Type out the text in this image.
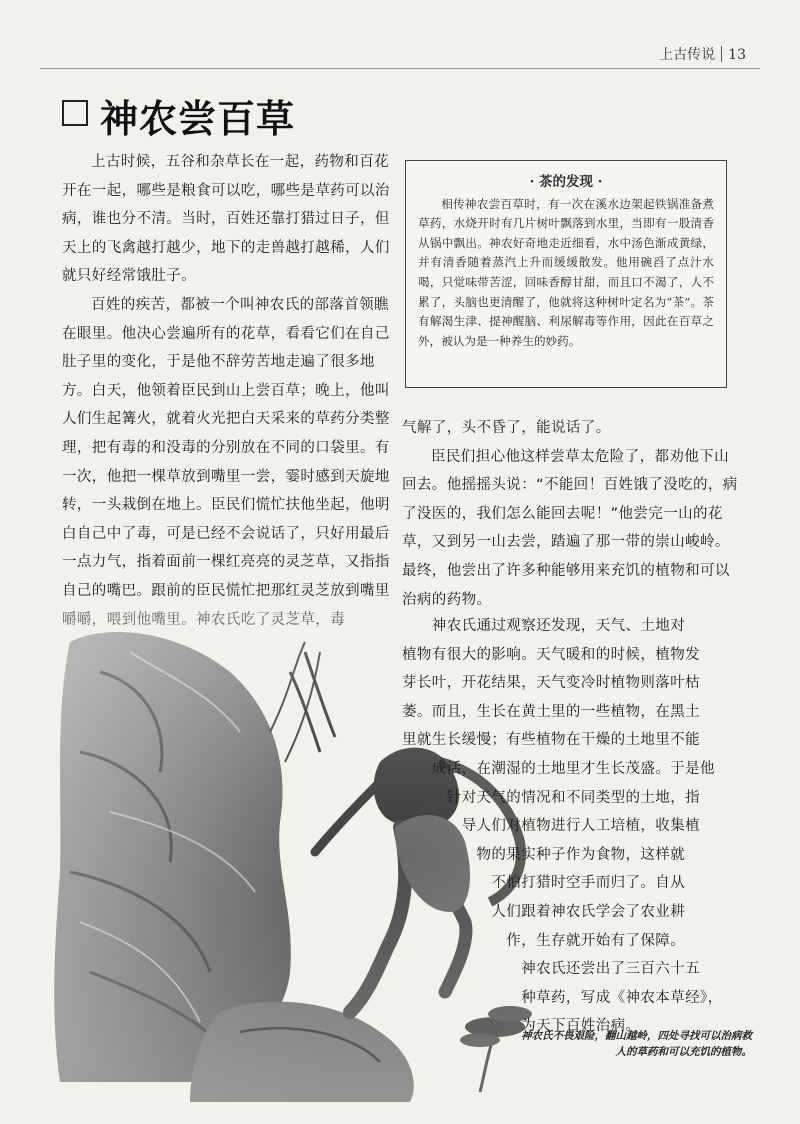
上古传说 13
神农尝百草

上古时候，五谷和杂草长在一起，药物和百花开在一起，哪些是粮食可以吃，哪些是草药可以治病，谁也分不清。当时，百姓还靠打猎过日子，但天上的飞禽越打越少，地下的走兽越打越稀，人们就只好经常饿肚子。

百姓的疾苦，都被一个叫神农氏的部落首领瞧在眼里。他决心尝遍所有的花草，看看它们在自己肚子里的变化，于是他不辞劳苦地走遍了很多地方。白天，他领着臣民到山上尝百草；晚上，他叫人们生起篝火，就着火光把白天采来的草药分类整理，把有毒的和没毒的分别放在不同的口袋里。有一次，他把一棵草放到嘴里一尝，霎时感到天旋地转，一头栽倒在地上。臣民们慌忙扶他坐起，他明白自己中了毒，可是已经不会说话了，只好用最后一点力气，指着面前一棵红亮亮的灵芝草，又指指自己的嘴巴。跟前的臣民慌忙把那红灵芝放到嘴里嚼嚼，喂到他嘴里。神农氏吃了灵芝草，毒

· 茶的发现 ·
相传神农尝百草时，有一次在溪水边架起铁锅准备煮草药，水烧开时有几片树叶飘落到水里，当即有一股清香从锅中飘出。神农好奇地走近细看，水中汤色渐成黄绿，并有清香随着蒸汽上升而缓缓散发。他用碗舀了点汁水喝，只觉味带苦涩，回味香醇甘甜，而且口不渴了，人不累了，头脑也更清醒了，他就将这种树叶定名为“茶”。茶有解渴生津、提神醒脑、利尿解毒等作用，因此在百草之外，被认为是一种养生的妙药。

气解了，头不昏了，能说话了。

臣民们担心他这样尝草太危险了，都劝他下山回去。他摇摇头说：“不能回！百姓饿了没吃的，病了没医的，我们怎么能回去呢！”他尝完一山的花草，又到另一山去尝，踏遍了那一带的崇山峻岭。最终，他尝出了许多种能够用来充饥的植物和可以治病的药物。

　　神农氏通过观察还发现，天气、土地对
植物有很大的影响。天气暖和的时候，植物发
芽长叶，开花结果，天气变冷时植物则落叶枯
萎。而且，生长在黄土里的一些植物，在黑土
里就生长缓慢；有些植物在干燥的土地里不能
　　成活，在潮湿的土地里才生长茂盛。于是他
　　　针对天气的情况和不同类型的土地，指
　　　　导人们对植物进行人工培植，收集植
　　　　　物的果实种子作为食物，这样就
　　　　　　不怕打猎时空手而归了。自从
　　　　　　人们跟着神农氏学会了农业耕
　　　　　　　作，生存就开始有了保障。
　　　　　　　　神农氏还尝出了三百六十五
　　　　　　　　种草药，写成《神农本草经》，
　　　　　　　　为天下百姓治病。
神农氏不畏艰险，翻山越岭，四处寻找可以治病救人的草药和可以充饥的植物。
